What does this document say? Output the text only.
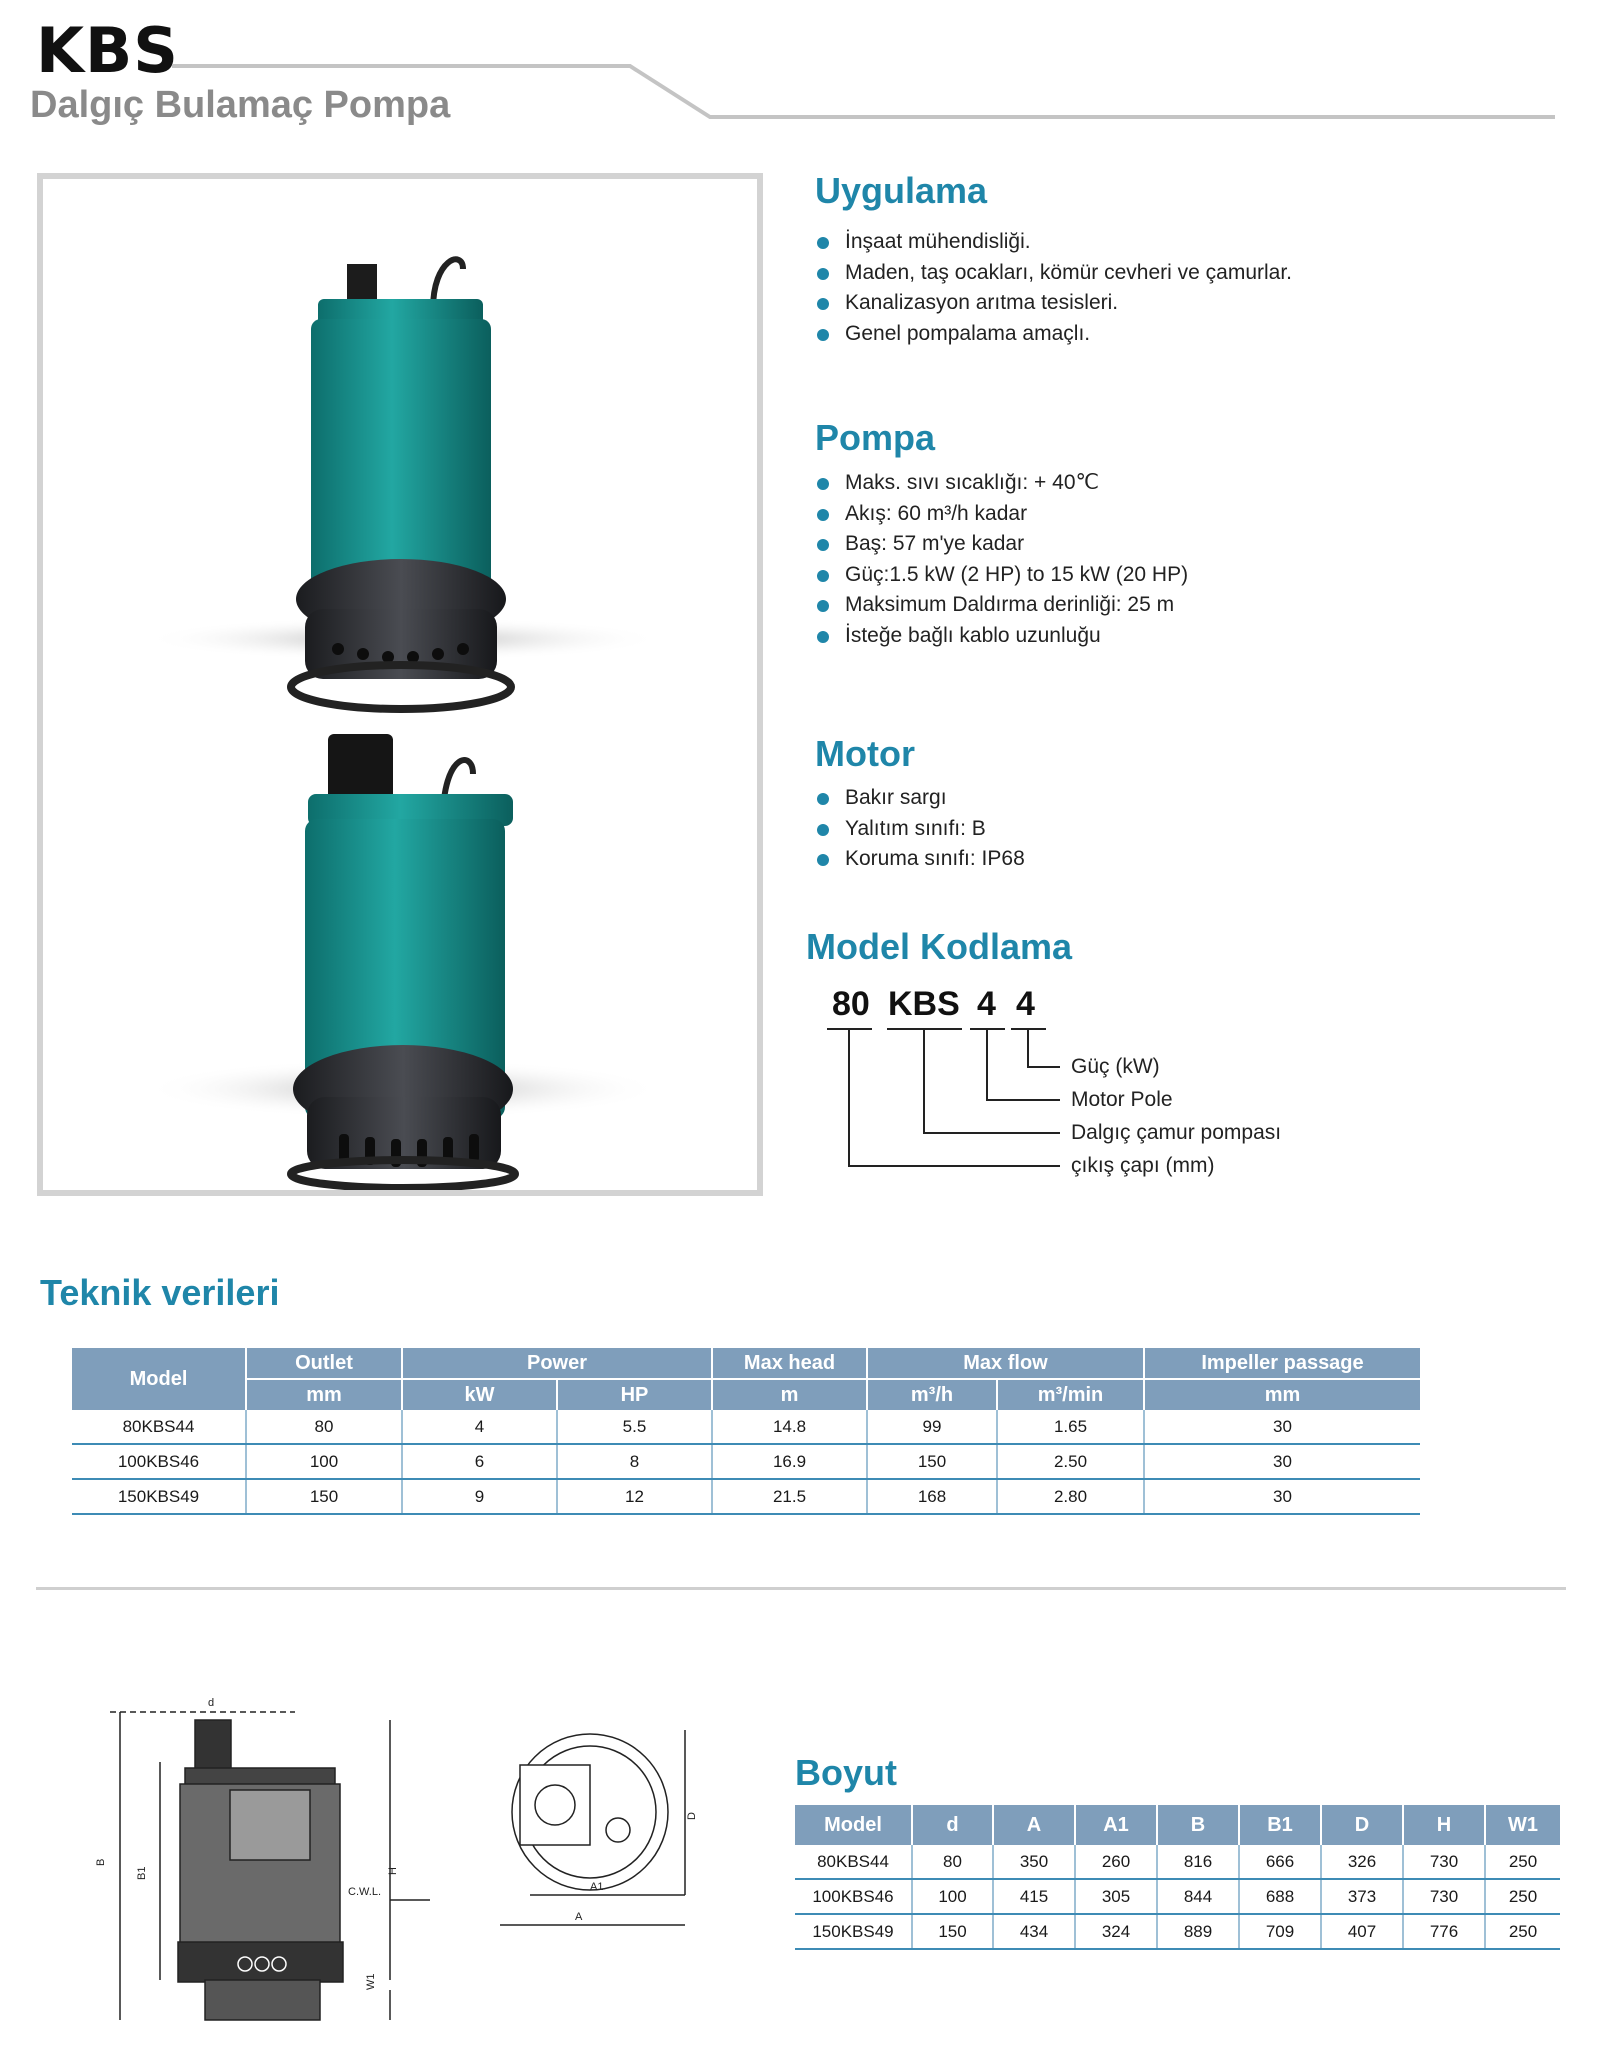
KBS
Dalgıç Bulamaç Pompa
Uygulama
İnşaat mühendisliği.
Maden, taş ocakları, kömür cevheri ve çamurlar.
Kanalizasyon arıtma tesisleri.
Genel pompalama amaçlı.
Pompa
Maks. sıvı sıcaklığı: + 40℃
Akış: 60 m³/h kadar
Baş: 57 m'ye kadar
Güç:1.5 kW (2 HP) to 15 kW (20 HP)
Maksimum Daldırma derinliği: 25 m
İsteğe bağlı kablo uzunluğu
Motor
Bakır sargı
Yalıtım sınıfı: B
Koruma sınıfı: IP68
Model Kodlama
80 KBS 4 4
Güç (kW)
Motor Pole
Dalgıç çamur pompası
çıkış çapı (mm)
Teknik verileri
Model	Outlet	Power		Max head	Max flow		Impeller passage
	mm	kW	HP	m	m³/h	m³/min	mm
80KBS44	80	4	5.5	14.8	99	1.65	30
100KBS46	100	6	8	16.9	150	2.50	30
150KBS49	150	9	12	21.5	168	2.80	30
d
B
B1	H
C.W.L.
W1
D
A1
A
Boyut
Model	d	A	A1	B	B1	D	H	W1
80KBS44	80	350	260	816	666	326	730	250
100KBS46	100	415	305	844	688	373	730	250
150KBS49	150	434	324	889	709	407	776	250
